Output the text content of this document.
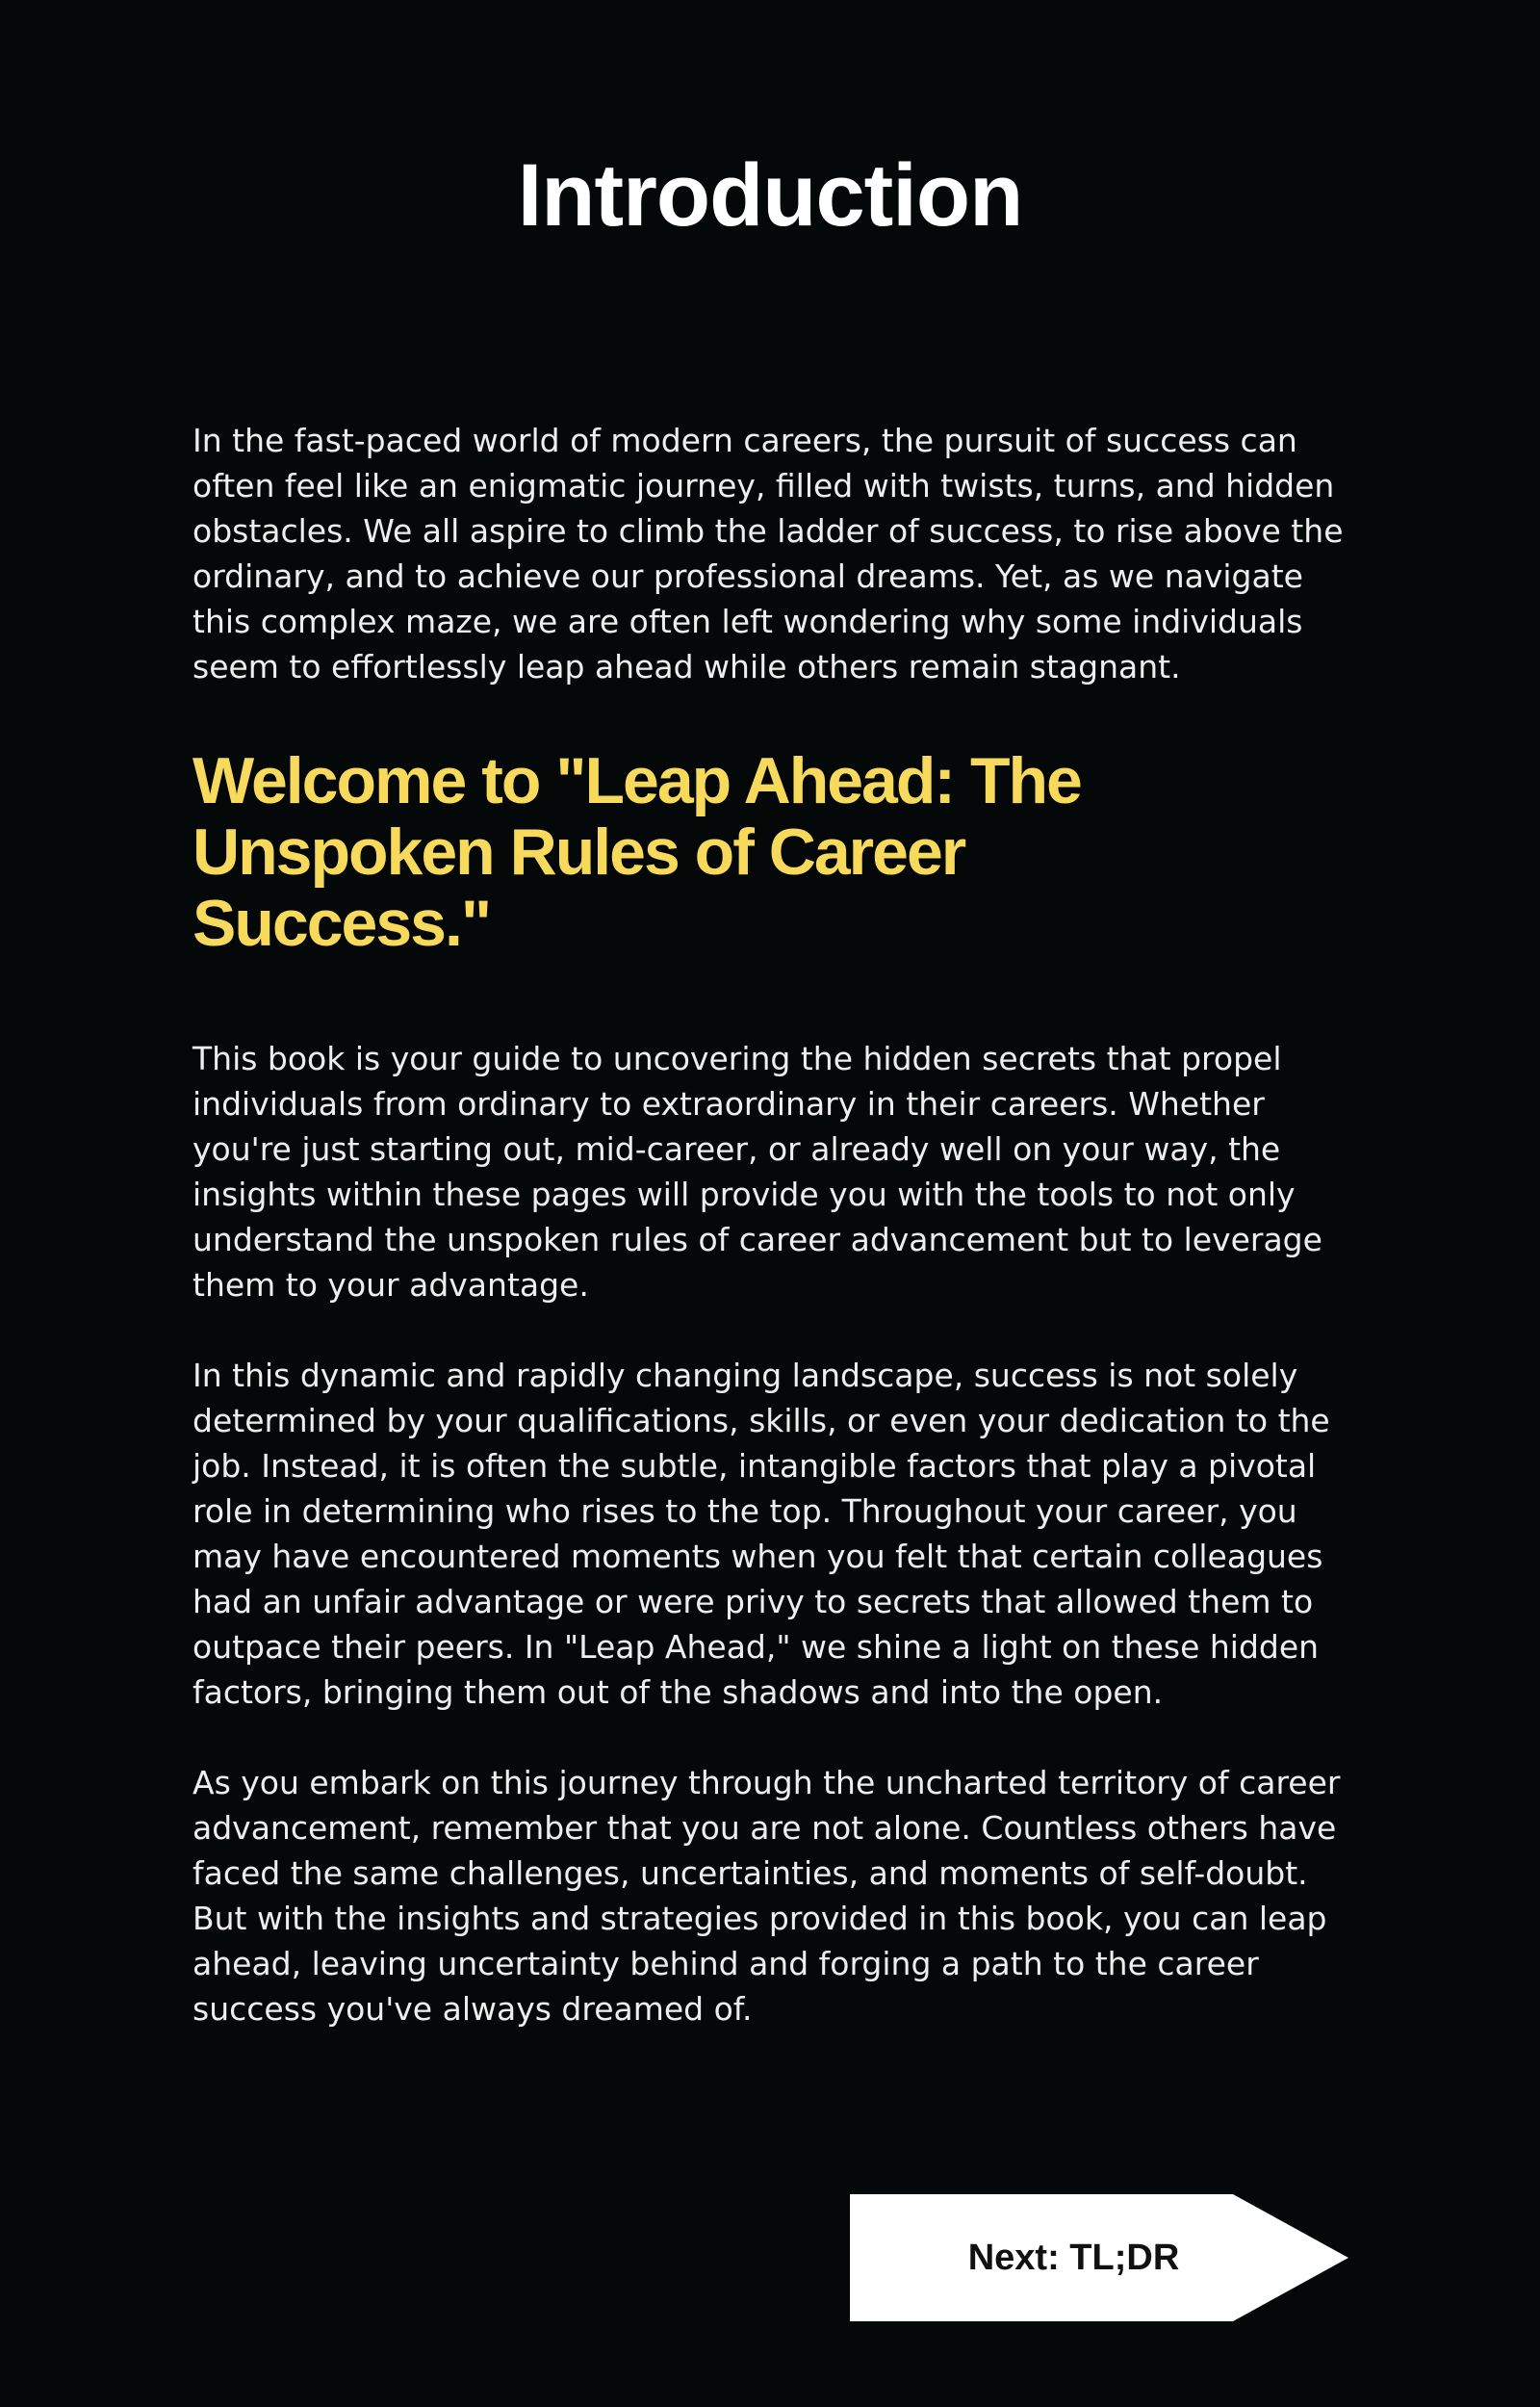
Introduction

In the fast-paced world of modern careers, the pursuit of success can
often feel like an enigmatic journey, filled with twists, turns, and hidden
obstacles. We all aspire to climb the ladder of success, to rise above the
ordinary, and to achieve our professional dreams. Yet, as we navigate
this complex maze, we are often left wondering why some individuals
seem to effortlessly leap ahead while others remain stagnant.

Welcome to "Leap Ahead: The
Unspoken Rules of Career
Success."

This book is your guide to uncovering the hidden secrets that propel
individuals from ordinary to extraordinary in their careers. Whether
you're just starting out, mid-career, or already well on your way, the
insights within these pages will provide you with the tools to not only
understand the unspoken rules of career advancement but to leverage
them to your advantage.

In this dynamic and rapidly changing landscape, success is not solely
determined by your qualifications, skills, or even your dedication to the
job. Instead, it is often the subtle, intangible factors that play a pivotal
role in determining who rises to the top. Throughout your career, you
may have encountered moments when you felt that certain colleagues
had an unfair advantage or were privy to secrets that allowed them to
outpace their peers. In "Leap Ahead," we shine a light on these hidden
factors, bringing them out of the shadows and into the open.

As you embark on this journey through the uncharted territory of career
advancement, remember that you are not alone. Countless others have
faced the same challenges, uncertainties, and moments of self-doubt.
But with the insights and strategies provided in this book, you can leap
ahead, leaving uncertainty behind and forging a path to the career
success you've always dreamed of.

Next: TL;DR
